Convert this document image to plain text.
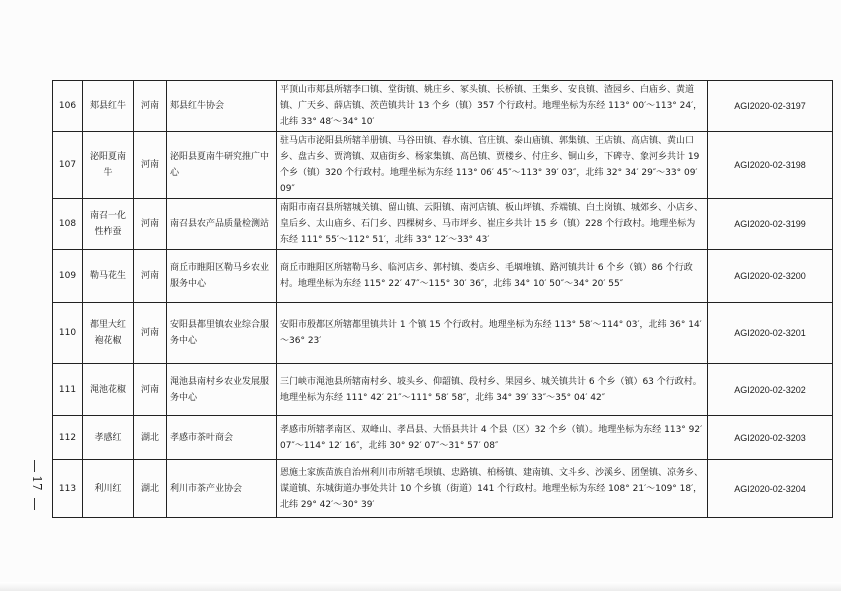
106	郏县红牛	河南	郏县红牛协会	平顶山市郏县所辖李口镇、堂街镇、姚庄乡、冢头镇、长桥镇、王集乡、安良镇、渣园乡、白庙乡、黄道镇、广天乡、薛店镇、茨芭镇共计 13 个乡（镇）357 个行政村。地理坐标为东经 113° 00′～113° 24′，北纬 33° 48′～34° 10′	AGI2020-02-3197
107	泌阳夏南牛	河南	泌阳县夏南牛研究推广中心	驻马店市泌阳县所辖羊册镇、马谷田镇、春水镇、官庄镇、泰山庙镇、郭集镇、王店镇、高店镇、黄山口乡、盘古乡、贾湾镇、双庙街乡、杨家集镇、高邑镇、贾楼乡、付庄乡、铜山乡，下碑寺、象河乡共计 19 个乡（镇）320 个行政村。地理坐标为东经 113° 06′ 45″～113° 39′ 03″，北纬 32° 34′ 29″～33° 09′ 09″	AGI2020-02-3198
108	南召一化性柞蚕	河南	南召县农产品质量检测站	南阳市南召县所辖城关镇、留山镇、云阳镇、南河店镇、板山坪镇、乔端镇、白土岗镇、城郊乡、小店乡、皇后乡、太山庙乡、石门乡、四棵树乡、马市坪乡、崔庄乡共计 15 乡（镇）228 个行政村。地理坐标为东经 111° 55′～112° 51′，北纬 33° 12′～33° 43′	AGI2020-02-3199
109	勒马花生	河南	商丘市睢阳区勒马乡农业服务中心	商丘市睢阳区所辖勒马乡、临河店乡、郭村镇、娄店乡、毛堌堆镇、路河镇共计 6 个乡（镇）86 个行政村。地理坐标为东经 115° 22′ 47″～115° 30′ 36″，北纬 34° 10′ 50″～34° 20′ 55″	AGI2020-02-3200
110	都里大红袍花椒	河南	安阳县都里镇农业综合服务中心	安阳市殷都区所辖都里镇共计 1 个镇 15 个行政村。地理坐标为东经 113° 58′～114° 03′，北纬 36° 14′～36° 23′	AGI2020-02-3201
111	渑池花椒	河南	渑池县南村乡农业发展服务中心	三门峡市渑池县所辖南村乡、坡头乡、仰韶镇、段村乡、果园乡、城关镇共计 6 个乡（镇）63 个行政村。地理坐标为东经 111° 42′ 21″～111° 58′ 58″，北纬 34° 39′ 33″～35° 04′ 42″	AGI2020-02-3202
112	孝感红	湖北	孝感市茶叶商会	孝感市所辖孝南区、双峰山、孝昌县、大悟县共计 4 个县（区）32 个乡（镇）。地理坐标为东经 113° 92′ 07″～114° 12′ 16″，北纬 30° 92′ 07″～31° 57′ 08″	AGI2020-02-3203
113	利川红	湖北	利川市茶产业协会	恩施土家族苗族自治州利川市所辖毛坝镇、忠路镇、柏杨镇、建南镇、文斗乡、沙溪乡、团堡镇、凉务乡、谋道镇、东城街道办事处共计 10 个乡镇（街道）141 个行政村。地理坐标为东经 108° 21′～109° 18′，北纬 29° 42′～30° 39′	AGI2020-02-3204
17
